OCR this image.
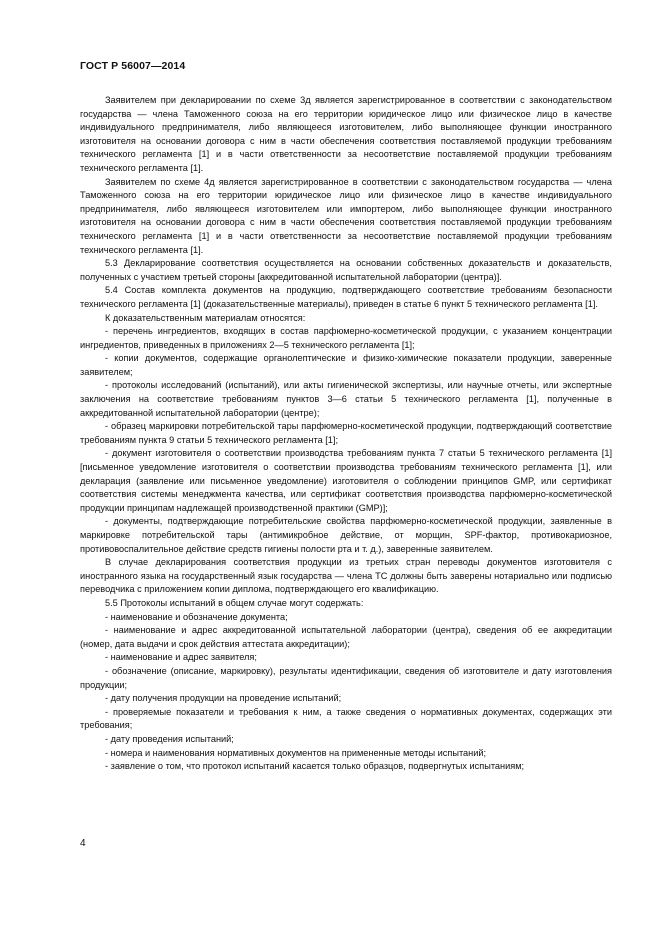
ГОСТ Р 56007—2014

Заявителем при декларировании по схеме 3д является зарегистрированное в соответствии с законодательством государства — члена Таможенного союза на его территории юридическое лицо или физическое лицо в качестве индивидуального предпринимателя, либо являющееся изготовителем, либо выполняющее функции иностранного изготовителя на основании договора с ним в части обеспечения соответствия поставляемой продукции требованиям технического регламента [1] и в части ответственности за несоответствие поставляемой продукции требованиям технического регламента [1].

Заявителем по схеме 4д является зарегистрированное в соответствии с законодательством государства — члена Таможенного союза на его территории юридическое лицо или физическое лицо в качестве индивидуального предпринимателя, либо являющееся изготовителем или импортером, либо выполняющее функции иностранного изготовителя на основании договора с ним в части обеспечения соответствия поставляемой продукции требованиям технического регламента [1] и в части ответственности за несоответствие поставляемой продукции требованиям технического регламента [1].

5.3 Декларирование соответствия осуществляется на основании собственных доказательств и доказательств, полученных с участием третьей стороны [аккредитованной испытательной лаборатории (центра)].

5.4 Состав комплекта документов на продукцию, подтверждающего соответствие требованиям безопасности технического регламента [1] (доказательственные материалы), приведен в статье 6 пункт 5 технического регламента [1].

К доказательственным материалам относятся:

- перечень ингредиентов, входящих в состав парфюмерно-косметической продукции, с указанием концентрации ингредиентов, приведенных в приложениях 2—5 технического регламента [1];

- копии документов, содержащие органолептические и физико-химические показатели продукции, заверенные заявителем;

- протоколы исследований (испытаний), или акты гигиенической экспертизы, или научные отчеты, или экспертные заключения на соответствие требованиям пунктов 3—6 статьи 5 технического регламента [1], полученные в аккредитованной испытательной лаборатории (центре);

- образец маркировки потребительской тары парфюмерно-косметической продукции, подтверждающий соответствие требованиям пункта 9 статьи 5 технического регламента [1];

- документ изготовителя о соответствии производства требованиям пункта 7 статьи 5 технического регламента [1] [письменное уведомление изготовителя о соответствии производства требованиям технического регламента [1], или декларация (заявление или письменное уведомление) изготовителя о соблюдении принципов GMP, или сертификат соответствия системы менеджмента качества, или сертификат соответствия производства парфюмерно-косметической продукции принципам надлежащей производственной практики (GMP)];

- документы, подтверждающие потребительские свойства парфюмерно-косметической продукции, заявленные в маркировке потребительской тары (антимикробное действие, от морщин, SPF-фактор, противокариозное, противовоспалительное действие средств гигиены полости рта и т. д.), заверенные заявителем.

В случае декларирования соответствия продукции из третьих стран переводы документов изготовителя с иностранного языка на государственный язык государства — члена ТС должны быть заверены нотариально или подписью переводчика с приложением копии диплома, подтверждающего его квалификацию.

5.5 Протоколы испытаний в общем случае могут содержать:

- наименование и обозначение документа;

- наименование и адрес аккредитованной испытательной лаборатории (центра), сведения об ее аккредитации (номер, дата выдачи и срок действия аттестата аккредитации);

- наименование и адрес заявителя;

- обозначение (описание, маркировку), результаты идентификации, сведения об изготовителе и дату изготовления продукции;

- дату получения продукции на проведение испытаний;

- проверяемые показатели и требования к ним, а также сведения о нормативных документах, содержащих эти требования;

- дату проведения испытаний;

- номера и наименования нормативных документов на примененные методы испытаний;

- заявление о том, что протокол испытаний касается только образцов, подвергнутых испытаниям;

4
